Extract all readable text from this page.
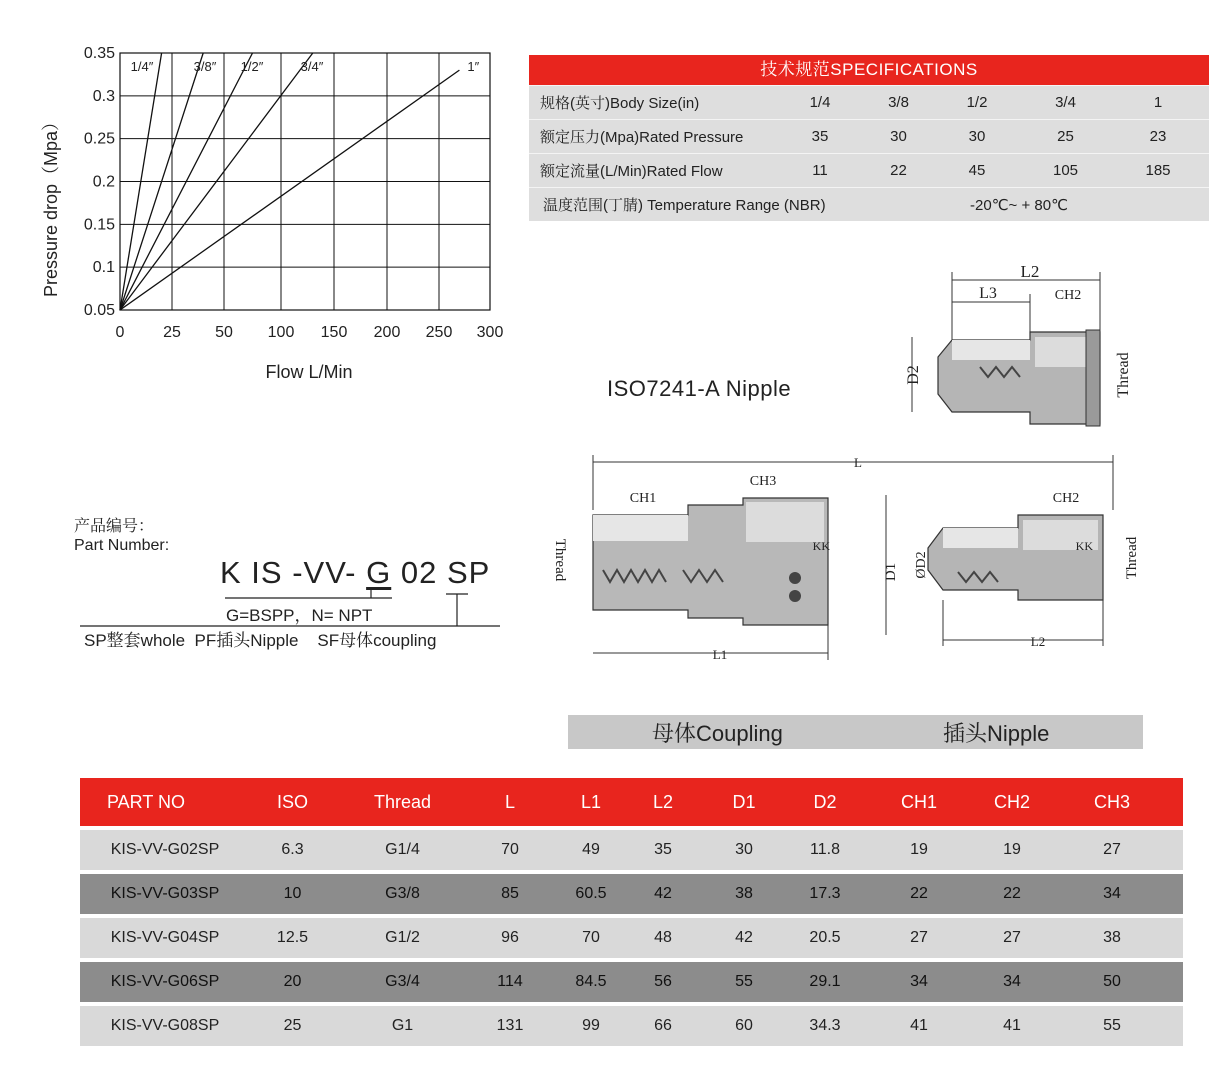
0.35
0.3
0.25
0.2
0.15
0.1
0.05
0 25 50 100 150 200 250 300
1/4″	3/8″ 1/2″	3/4″	1″
Flow L/Min
Pressure drop（Mpa）
技术规范SPECIFICATIONS
规格(英寸)Body Size(in)	1/4	3/8	1/2	3/4	1
额定压力(Mpa)Rated Pressure	35	30	30	25	23
额定流量(L/Min)Rated Flow	11	22	45	105	185
温度范围(丁腈) Temperature Range (NBR)	-20℃~ + 80℃
L2
L3	CH2
D2	Thread
ISO7241-A Nipple
KK	KK
L
CH3
CH1
Thread	D1
L1
ØD2
CH2
Thread
L2
产品编号：
Part Number:
K IS -VV- G 02 SP
G=BSPP，N= NPT
SP整套whole  PF插头Nipple    SF母体coupling
母体Coupling	插头Nipple
PART NO	ISO	Thread	L	L1	L2	D1	D2	CH1	CH2	CH3
KIS-VV-G02SP	6.3	G1/4	70	49	35	30	11.8	19	19	27
KIS-VV-G03SP	10	G3/8	85	60.5	42	38	17.3	22	22	34
KIS-VV-G04SP	12.5	G1/2	96	70	48	42	20.5	27	27	38
KIS-VV-G06SP	20	G3/4	114	84.5	56	55	29.1	34	34	50
KIS-VV-G08SP	25	G1	131	99	66	60	34.3	41	41	55
